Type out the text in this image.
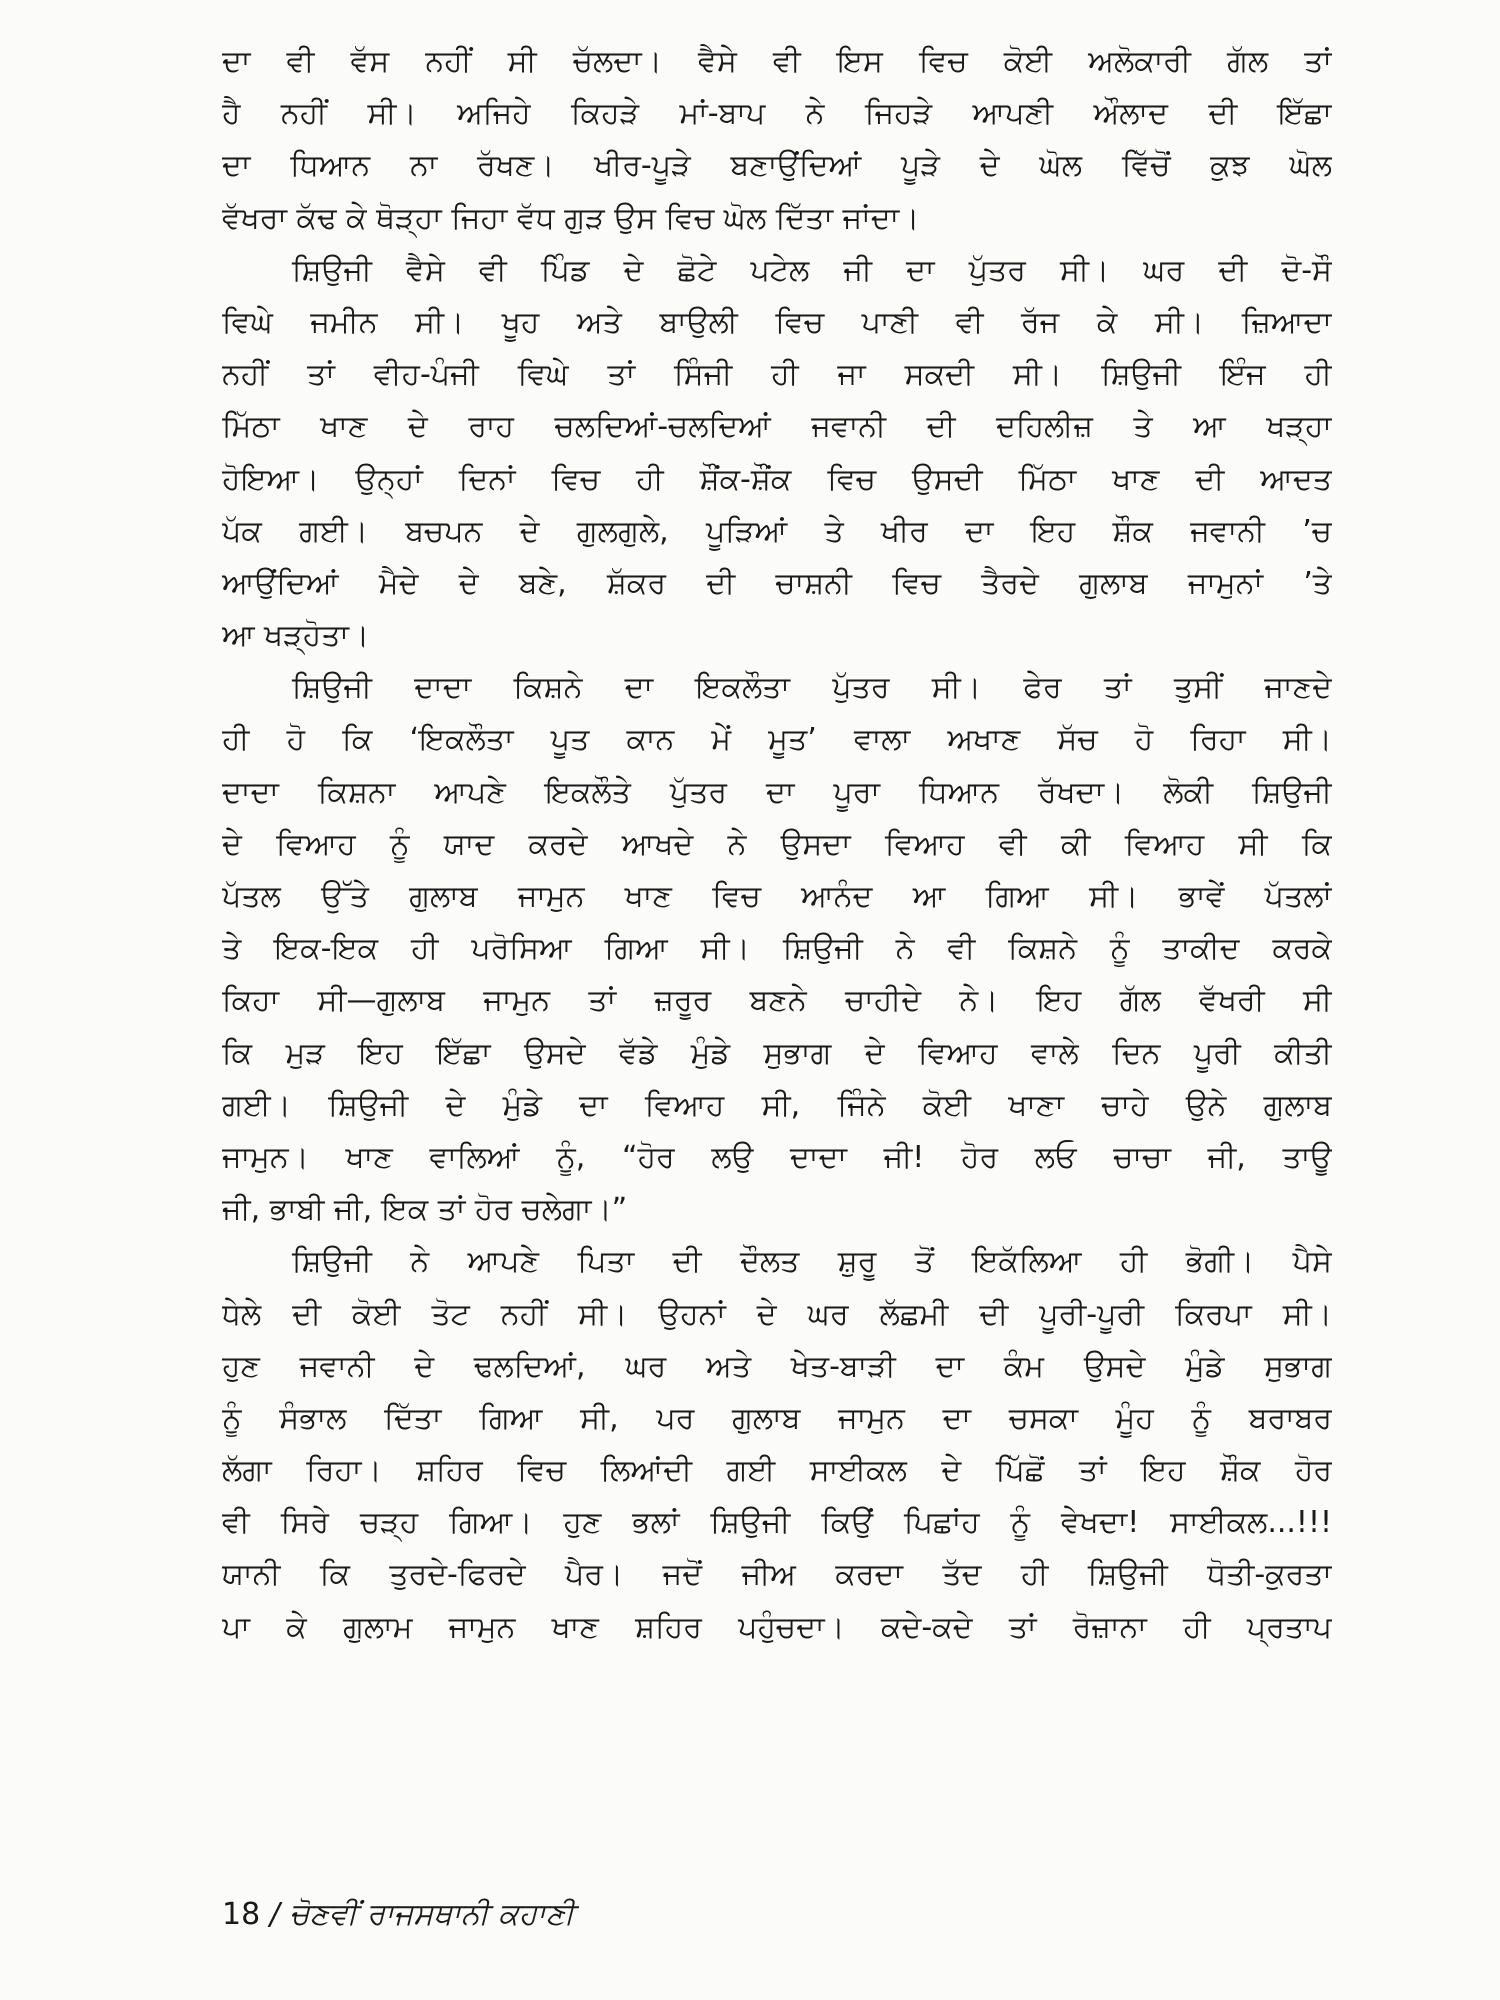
ਦਾ ਵੀ ਵੱਸ ਨਹੀਂ ਸੀ ਚੱਲਦਾ। ਵੈਸੇ ਵੀ ਇਸ ਵਿਚ ਕੋਈ ਅਲੋਕਾਰੀ ਗੱਲ ਤਾਂ
ਹੈ ਨਹੀਂ ਸੀ। ਅਜਿਹੇ ਕਿਹੜੇ ਮਾਂ-ਬਾਪ ਨੇ ਜਿਹੜੇ ਆਪਣੀ ਔਲਾਦ ਦੀ ਇੱਛਾ
ਦਾ ਧਿਆਨ ਨਾ ਰੱਖਣ। ਖੀਰ-ਪੂੜੇ ਬਣਾਉਂਦਿਆਂ ਪੂੜੇ ਦੇ ਘੋਲ ਵਿੱਚੋਂ ਕੁਝ ਘੋਲ
ਵੱਖਰਾ ਕੱਢ ਕੇ ਥੋੜ੍ਹਾ ਜਿਹਾ ਵੱਧ ਗੁੜ ਉਸ ਵਿਚ ਘੋਲ ਦਿੱਤਾ ਜਾਂਦਾ।
ਸ਼ਿਉਜੀ ਵੈਸੇ ਵੀ ਪਿੰਡ ਦੇ ਛੋਟੇ ਪਟੇਲ ਜੀ ਦਾ ਪੁੱਤਰ ਸੀ। ਘਰ ਦੀ ਦੋ-ਸੌ
ਵਿਘੇ ਜਮੀਨ ਸੀ। ਖੂਹ ਅਤੇ ਬਾਉਲੀ ਵਿਚ ਪਾਣੀ ਵੀ ਰੱਜ ਕੇ ਸੀ। ਜ਼ਿਆਦਾ
ਨਹੀਂ ਤਾਂ ਵੀਹ-ਪੰਜੀ ਵਿਘੇ ਤਾਂ ਸਿੰਜੀ ਹੀ ਜਾ ਸਕਦੀ ਸੀ। ਸ਼ਿਉਜੀ ਇੰਜ ਹੀ
ਮਿੱਠਾ ਖਾਣ ਦੇ ਰਾਹ ਚਲਦਿਆਂ-ਚਲਦਿਆਂ ਜਵਾਨੀ ਦੀ ਦਹਿਲੀਜ਼ ਤੇ ਆ ਖੜ੍ਹਾ
ਹੋਇਆ। ਉਨ੍ਹਾਂ ਦਿਨਾਂ ਵਿਚ ਹੀ ਸ਼ੌਂਕ-ਸ਼ੌਂਕ ਵਿਚ ਉਸਦੀ ਮਿੱਠਾ ਖਾਣ ਦੀ ਆਦਤ
ਪੱਕ ਗਈ। ਬਚਪਨ ਦੇ ਗੁਲਗੁਲੇ, ਪੂੜਿਆਂ ਤੇ ਖੀਰ ਦਾ ਇਹ ਸ਼ੌਕ ਜਵਾਨੀ ’ਚ
ਆਉਂਦਿਆਂ ਮੈਦੇ ਦੇ ਬਣੇ, ਸ਼ੱਕਰ ਦੀ ਚਾਸ਼ਨੀ ਵਿਚ ਤੈਰਦੇ ਗੁਲਾਬ ਜਾਮੁਨਾਂ ’ਤੇ
ਆ ਖੜ੍ਹੋਤਾ।
ਸ਼ਿਉਜੀ ਦਾਦਾ ਕਿਸ਼ਨੇ ਦਾ ਇਕਲੌਤਾ ਪੁੱਤਰ ਸੀ। ਫੇਰ ਤਾਂ ਤੁਸੀਂ ਜਾਣਦੇ
ਹੀ ਹੋ ਕਿ ‘ਇਕਲੌਤਾ ਪੂਤ ਕਾਨ ਮੇਂ ਮੂਤ’ ਵਾਲਾ ਅਖਾਣ ਸੱਚ ਹੋ ਰਿਹਾ ਸੀ।
ਦਾਦਾ ਕਿਸ਼ਨਾ ਆਪਣੇ ਇਕਲੌਤੇ ਪੁੱਤਰ ਦਾ ਪੂਰਾ ਧਿਆਨ ਰੱਖਦਾ। ਲੋਕੀ ਸ਼ਿਉਜੀ
ਦੇ ਵਿਆਹ ਨੂੰ ਯਾਦ ਕਰਦੇ ਆਖਦੇ ਨੇ ਉਸਦਾ ਵਿਆਹ ਵੀ ਕੀ ਵਿਆਹ ਸੀ ਕਿ
ਪੱਤਲ ਉੱਤੇ ਗੁਲਾਬ ਜਾਮੁਨ ਖਾਣ ਵਿਚ ਆਨੰਦ ਆ ਗਿਆ ਸੀ। ਭਾਵੇਂ ਪੱਤਲਾਂ
ਤੇ ਇਕ-ਇਕ ਹੀ ਪਰੋਸਿਆ ਗਿਆ ਸੀ। ਸ਼ਿਉਜੀ ਨੇ ਵੀ ਕਿਸ਼ਨੇ ਨੂੰ ਤਾਕੀਦ ਕਰਕੇ
ਕਿਹਾ ਸੀ—ਗੁਲਾਬ ਜਾਮੁਨ ਤਾਂ ਜ਼ਰੂਰ ਬਣਨੇ ਚਾਹੀਦੇ ਨੇ। ਇਹ ਗੱਲ ਵੱਖਰੀ ਸੀ
ਕਿ ਮੁੜ ਇਹ ਇੱਛਾ ਉਸਦੇ ਵੱਡੇ ਮੁੰਡੇ ਸੁਭਾਗ ਦੇ ਵਿਆਹ ਵਾਲੇ ਦਿਨ ਪੂਰੀ ਕੀਤੀ
ਗਈ। ਸ਼ਿਉਜੀ ਦੇ ਮੁੰਡੇ ਦਾ ਵਿਆਹ ਸੀ, ਜਿੰਨੇ ਕੋਈ ਖਾਣਾ ਚਾਹੇ ਉਨੇ ਗੁਲਾਬ
ਜਾਮੁਨ। ਖਾਣ ਵਾਲਿਆਂ ਨੂੰ, “ਹੋਰ ਲਉ ਦਾਦਾ ਜੀ! ਹੋਰ ਲਓ ਚਾਚਾ ਜੀ, ਤਾਊ
ਜੀ, ਭਾਬੀ ਜੀ, ਇਕ ਤਾਂ ਹੋਰ ਚਲੇਗਾ।”
ਸ਼ਿਉਜੀ ਨੇ ਆਪਣੇ ਪਿਤਾ ਦੀ ਦੌਲਤ ਸ਼ੁਰੂ ਤੋਂ ਇਕੱਲਿਆ ਹੀ ਭੋਗੀ। ਪੈਸੇ
ਧੇਲੇ ਦੀ ਕੋਈ ਤੋਟ ਨਹੀਂ ਸੀ। ਉਹਨਾਂ ਦੇ ਘਰ ਲੱਛਮੀ ਦੀ ਪੂਰੀ-ਪੂਰੀ ਕਿਰਪਾ ਸੀ।
ਹੁਣ ਜਵਾਨੀ ਦੇ ਢਲਦਿਆਂ, ਘਰ ਅਤੇ ਖੇਤ-ਬਾੜੀ ਦਾ ਕੰਮ ਉਸਦੇ ਮੁੰਡੇ ਸੁਭਾਗ
ਨੂੰ ਸੰਭਾਲ ਦਿੱਤਾ ਗਿਆ ਸੀ, ਪਰ ਗੁਲਾਬ ਜਾਮੁਨ ਦਾ ਚਸਕਾ ਮੂੰਹ ਨੂੰ ਬਰਾਬਰ
ਲੱਗਾ ਰਿਹਾ। ਸ਼ਹਿਰ ਵਿਚ ਲਿਆਂਦੀ ਗਈ ਸਾਈਕਲ ਦੇ ਪਿੱਛੋਂ ਤਾਂ ਇਹ ਸ਼ੌਕ ਹੋਰ
ਵੀ ਸਿਰੇ ਚੜ੍ਹ ਗਿਆ। ਹੁਣ ਭਲਾਂ ਸ਼ਿਉਜੀ ਕਿਉਂ ਪਿਛਾਂਹ ਨੂੰ ਵੇਖਦਾ! ਸਾਈਕਲ...!!!
ਯਾਨੀ ਕਿ ਤੁਰਦੇ-ਫਿਰਦੇ ਪੈਰ। ਜਦੋਂ ਜੀਅ ਕਰਦਾ ਤੱਦ ਹੀ ਸ਼ਿਉਜੀ ਧੋਤੀ-ਕੁਰਤਾ
ਪਾ ਕੇ ਗੁਲਾਮ ਜਾਮੁਨ ਖਾਣ ਸ਼ਹਿਰ ਪਹੁੰਚਦਾ। ਕਦੇ-ਕਦੇ ਤਾਂ ਰੋਜ਼ਾਨਾ ਹੀ ਪ੍ਰਤਾਪ
18 / ਚੋਣਵੀਂ ਰਾਜਸਥਾਨੀ ਕਹਾਣੀ
